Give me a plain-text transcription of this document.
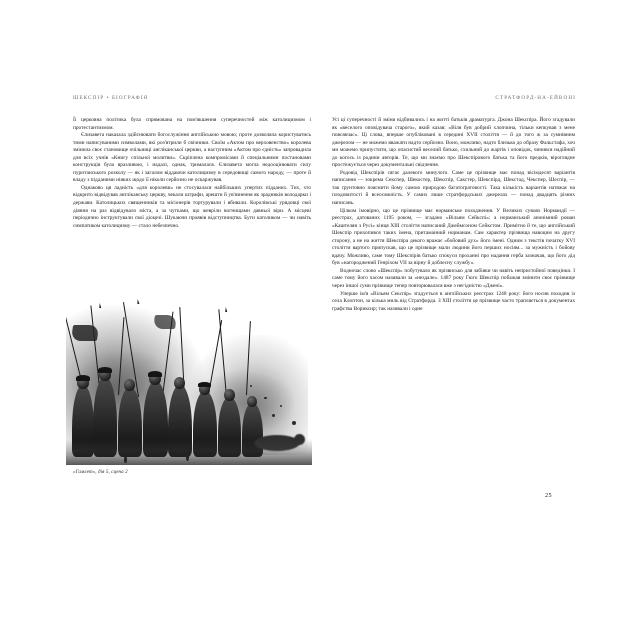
ШЕКСПІР • БІОГРАФІЯ

Її церковна політика була спрямована на пом'якшення суперечностей між католицизмом і протестантизмом.

Єлизавета наказала здійснювати богослужіння англійською мовою; проте дозволяла користуватись тими написуваними символами, які роз'ятрили б свічники. Своїм «Актом про верховенство» королева змінила своє становище очільниці англіканської церкви, а наступним «Актом про єдність» запровадила для всіх учнів «Книгу спільної молитви». Скріплена компромісами й спеціальними постановами конструкція була вразливою, і надалі, однак, трималася. Єлизавета могла недооцінювати силу пуританського розколу — як і загалом віддаючи католицизму в середовищі самого народу, — проте й владу з підданими ніяких щодо її ніколи серйозно не оскаржував.

Однаково ця ладність «для королеви» не стосувалася найбільших упертих підданих. Тих, хто відкрито відвідував англіканську церкву, чекали штрафи, арешти й ув'язнення як зрадників володарки і держави. Католицьких священників та місіонерів тортурували і вбивали. Королівські урядовці свої діяння на раз відвідувало міста, а за чутками, що жевріли вогнищами давньої віри. А місцеві періодично інструктували свої діоцезі. Шукаючи проявів відступництва. Бути католиком — чи навіть симпатиком католицизму — стало небезпечно.

«Гамлет», дія 5, сцена 2
СТРАТФОРД-НА-ЕЙВОНІ

Усі ці суперечності й зміни відбивались і на житті батьків драматурга. Джона Шекспіра. Його згадували як «веселого оповідувача старого», який казав: «Віля був добрий хлопчина, тільки кепкував з мене повсякчас». Ці слова, вперше опубліковані в середині XVII століття — й до того ж за сумнівним джерелом — не можемо вважати надто серйозно. Воно, можливо, надто близько до образу Фальстафа, хоч ми можемо припустити, що опасистий веселий батько, схильний до жартів і оповідок, чинився надійний до когось із родини авторів. Те, що ми знаємо про Шекспірового батька та його предків, віроглядне простежується через документальні свідчення.

Родовід Шекспірів сягає далекого минулого. Саме це прізвище має понад вісімдесят варіантів написання — зокрема Секспер, Шекостер, Шекспір, Сакстер, Шекспірд, Шекстад, Чекспер, Шеспір, — так ґрунтовно пояснити йому самою природою багатоґратовості. Така кількість варіантів натяжає на плодовитості й всеосяжність. У самих лише стратфордських джерелах — понад двадцять різних написань.

Цілком імовірно, що це прізвище має норманське походження. У Великих сувоях Нормандії — реєстрах, датованих 1195 роком, — згадано «Вільям Сейкспі»: а норманський анонімний роман «Каштелян з Русі» кінця XIII століття написаний Джеймсоном Сейкстом. Примітно й те, що англійський Шекспір прихопився таких імена, притаманний норманам. Сам характер прізвища навоцим на другу сторону, а не на життя Шекспіра декого вражає «бойовий дух» його імені. Одним з текстів початку XVI століття вартого припускав, що це прізвище мали людини його перших носіям... за мужність і бойову вдачу. Можливо, саме тому Шекспірів батько спокуси проханні про надання герба зазначав, що його дід був «нагороджений Генріхом VII за вірну й доблесну службу».

Водночас слово «Шекспір» побутувало як прізвисько для забіяки чи навіть непристойної поведінки. І саме тому його часом називали за «нездале». 1487 року Гюго Шекспір побажав змінити своє прізвище через іншої суми прізвище тепер повторювалася вже з негідністю «Джені».

Уперше ім'я «Вільям Секспір» згадується в англійських реєстрах 1248 року: його носив походив із села Клоптон, за кілька миль від Стратфорда. З XIII століття це прізвище часто трапляється в документах графства Вориксир; так називали і одне

25
